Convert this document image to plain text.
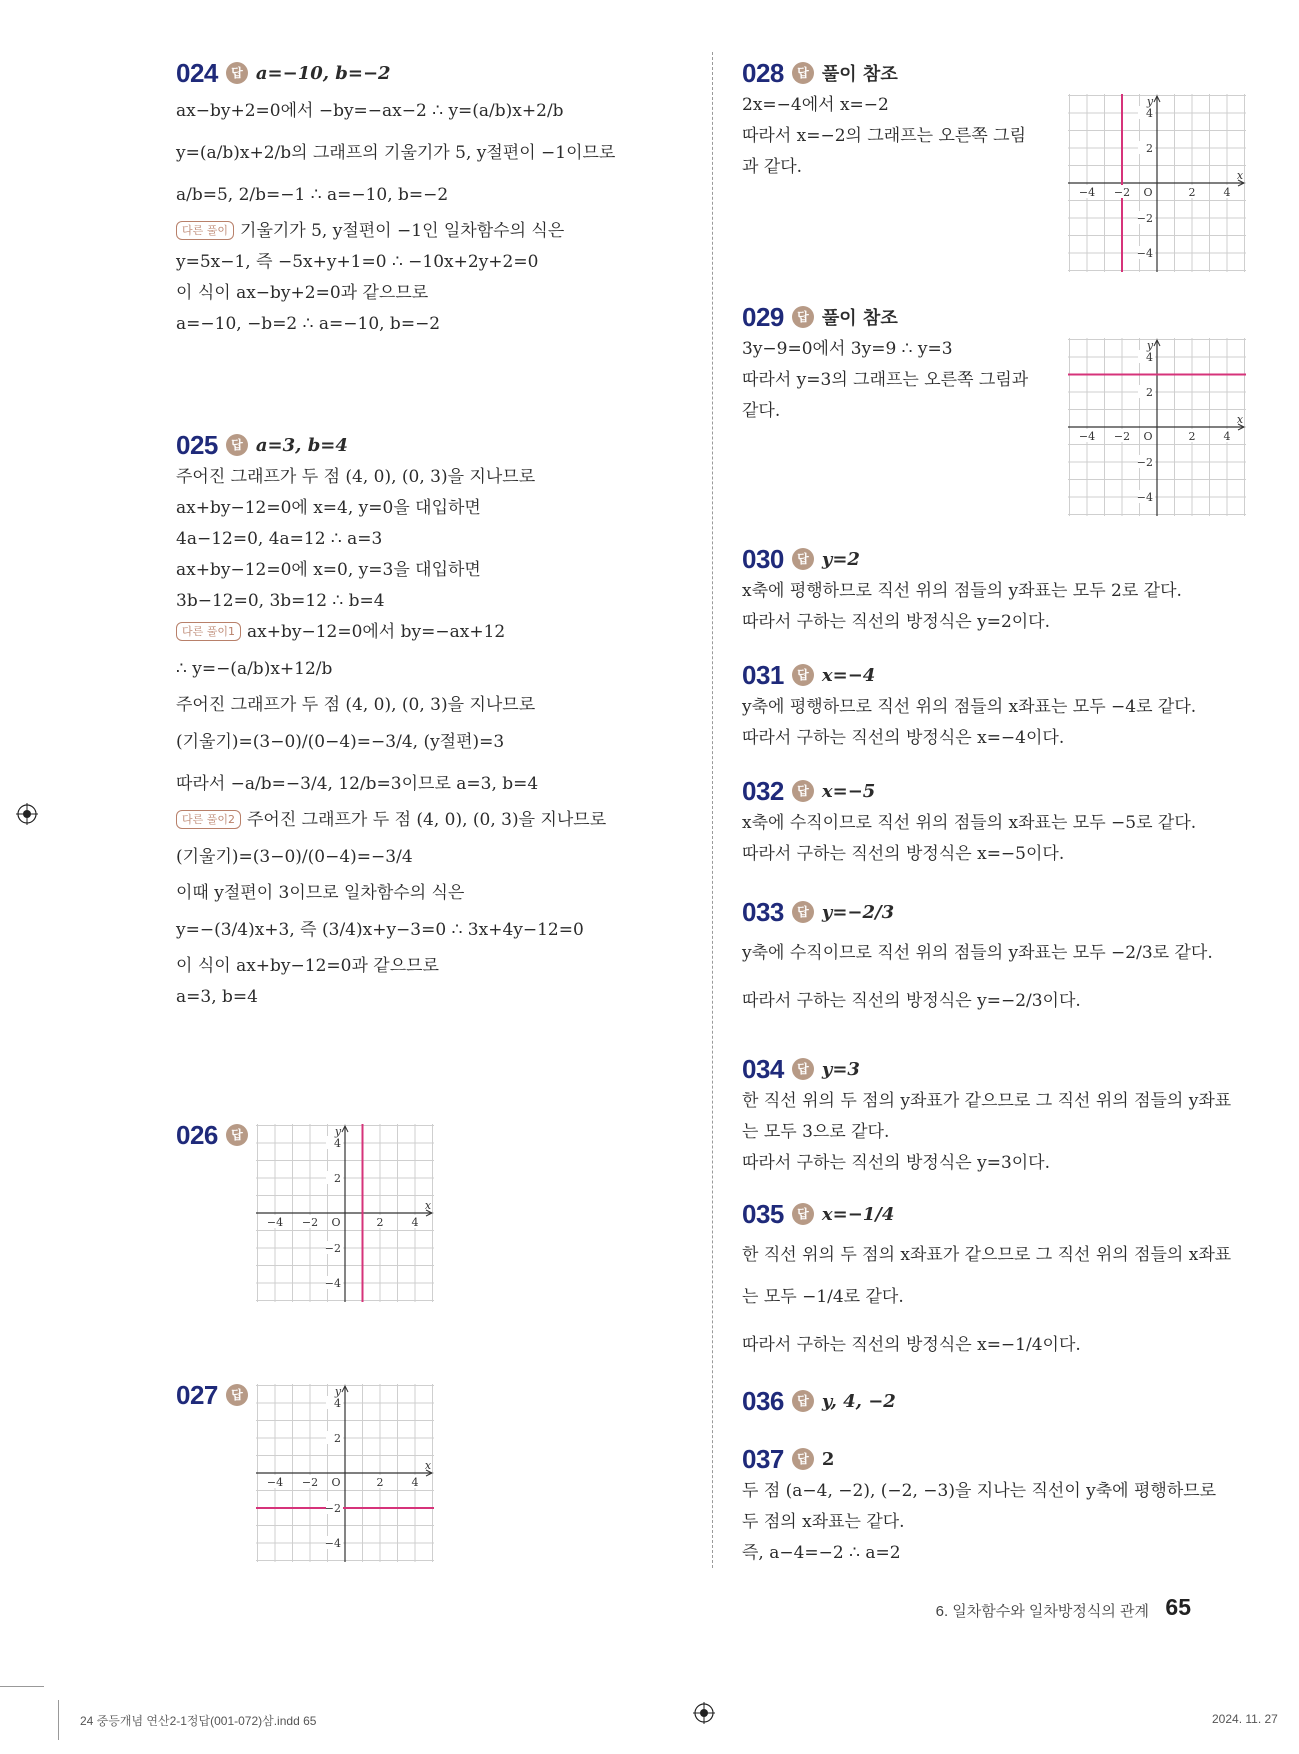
024	답 a=−10, b=−2
ax−by+2=0에서 −by=−ax−2 ∴ y=(a/b)x+2/b
y=(a/b)x+2/b의 그래프의 기울기가 5, y절편이 −1이므로
a/b=5, 2/b=−1 ∴ a=−10, b=−2
다른 풀이 기울기가 5, y절편이 −1인 일차함수의 식은
y=5x−1, 즉 −5x+y+1=0 ∴ −10x+2y+2=0
이 식이 ax−by+2=0과 같으므로
a=−10, −b=2 ∴ a=−10, b=−2
025	답 a=3, b=4
주어진 그래프가 두 점 (4, 0), (0, 3)을 지나므로
ax+by−12=0에 x=4, y=0을 대입하면
4a−12=0, 4a=12 ∴ a=3
ax+by−12=0에 x=0, y=3을 대입하면
3b−12=0, 3b=12 ∴ b=4
다른 풀이1 ax+by−12=0에서 by=−ax+12
∴ y=−(a/b)x+12/b
주어진 그래프가 두 점 (4, 0), (0, 3)을 지나므로
(기울기)=(3−0)/(0−4)=−3/4, (y절편)=3
따라서 −a/b=−3/4, 12/b=3이므로 a=3, b=4
다른 풀이2 주어진 그래프가 두 점 (4, 0), (0, 3)을 지나므로
(기울기)=(3−0)/(0−4)=−3/4
이때 y절편이 3이므로 일차함수의 식은
y=−(3/4)x+3, 즉 (3/4)x+y−3=0 ∴ 3x+4y−12=0
이 식이 ax+by−12=0과 같으므로
a=3, b=4
026	답
−4 −2	2	4
4
2
−2
−4
O
x
y
027	답
−4 −2	2	4
4
2
−2
−4
O
x
y
028	답 풀이 참조
2x=−4에서 x=−2
따라서 x=−2의 그래프는 오른쪽 그림
과 같다.
−4 −2	2	4
4
2
−2
−4
O
x
y
029	답 풀이 참조
3y−9=0에서 3y=9 ∴ y=3
따라서 y=3의 그래프는 오른쪽 그림과
같다.
−4 −2	2	4
4
2
−2
−4
O
x
y
030	답 y=2
x축에 평행하므로 직선 위의 점들의 y좌표는 모두 2로 같다.
따라서 구하는 직선의 방정식은 y=2이다.
031	답 x=−4
y축에 평행하므로 직선 위의 점들의 x좌표는 모두 −4로 같다.
따라서 구하는 직선의 방정식은 x=−4이다.
032	답 x=−5
x축에 수직이므로 직선 위의 점들의 x좌표는 모두 −5로 같다.
따라서 구하는 직선의 방정식은 x=−5이다.
033	답 y=−2/3
y축에 수직이므로 직선 위의 점들의 y좌표는 모두 −2/3로 같다.
따라서 구하는 직선의 방정식은 y=−2/3이다.
034	답 y=3
한 직선 위의 두 점의 y좌표가 같으므로 그 직선 위의 점들의 y좌표
는 모두 3으로 같다.
따라서 구하는 직선의 방정식은 y=3이다.
035	답 x=−1/4
한 직선 위의 두 점의 x좌표가 같으므로 그 직선 위의 점들의 x좌표
는 모두 −1/4로 같다.
따라서 구하는 직선의 방정식은 x=−1/4이다.
036	답 y, 4, −2
037	답 2
두 점 (a−4, −2), (−2, −3)을 지나는 직선이 y축에 평행하므로
두 점의 x좌표는 같다.
즉, a−4=−2 ∴ a=2
6. 일차함수와 일차방정식의 관계 65
24 중등개념 연산2-1정답(001-072)삼.indd 65	2024. 11. 27
